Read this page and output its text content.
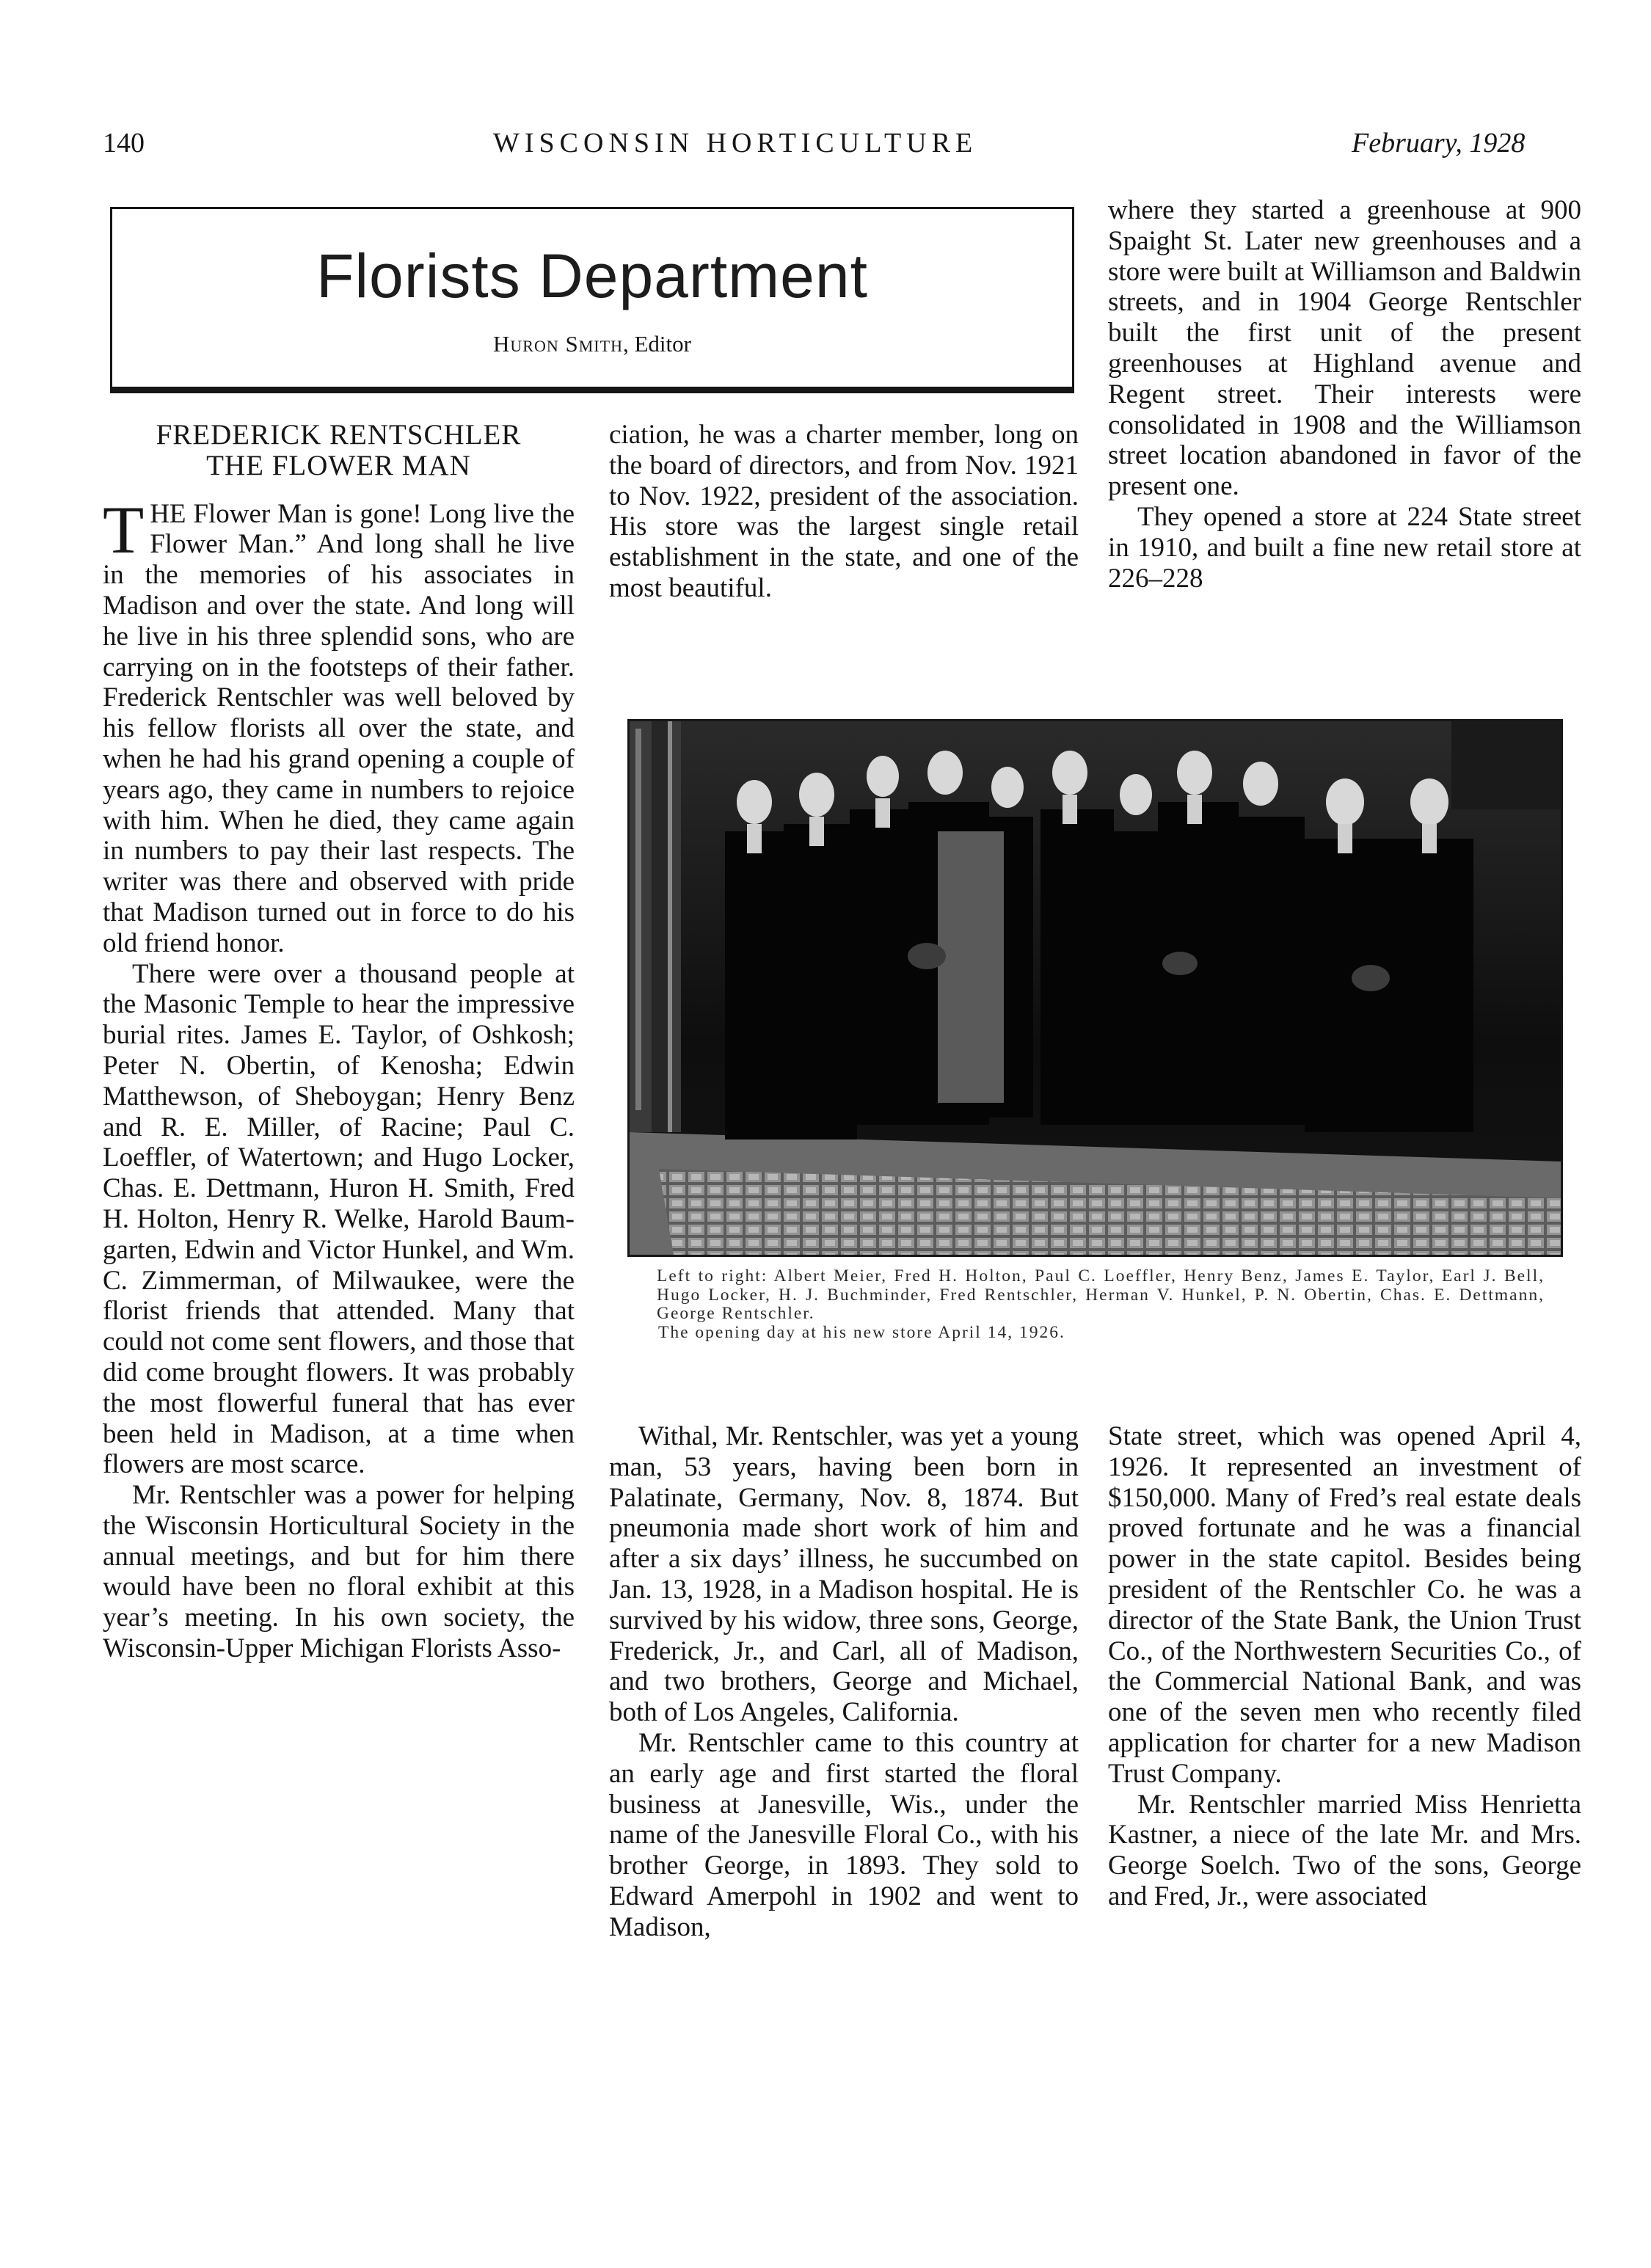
140	WISCONSIN HORTICULTURE	February, 1928
Florists Department
Huron Smith, Editor
FREDERICK RENTSCHLER
THE FLOWER MAN

THE Flower Man is gone! Long live the Flower Man.” And long shall he live in the memories of his associates in Madison and over the state. And long will he live in his three splendid sons, who are carrying on in the footsteps of their father. Frederick Rentschler was well beloved by his fellow florists all over the state, and when he had his grand opening a couple of years ago, they came in numbers to rejoice with him. When he died, they came again in numbers to pay their last respects. The writer was there and observed with pride that Madison turned out in force to do his old friend honor.

There were over a thousand people at the Masonic Temple to hear the impressive burial rites. James E. Taylor, of Oshkosh; Peter N. Obertin, of Kenosha; Edwin Matthewson, of Sheboygan; Henry Benz and R. E. Miller, of Racine; Paul C. Loeffler, of Watertown; and Hugo Locker, Chas. E. Dettmann, Huron H. Smith, Fred H. Holton, Henry R. Welke, Harold Baumgarten, Edwin and Victor Hunkel, and Wm. C. Zimmerman, of Milwaukee, were the florist friends that attended. Many that could not come sent flowers, and those that did come brought flowers. It was probably the most flowerful funeral that has ever been held in Madison, at a time when flowers are most scarce.

Mr. Rentschler was a power for helping the Wisconsin Horticultural Society in the annual meetings, and but for him there would have been no floral exhibit at this year’s meeting. In his own society, the Wisconsin-Upper Michigan Florists Asso-

ciation, he was a charter member, long on the board of directors, and from Nov. 1921 to Nov. 1922, president of the association. His store was the largest single retail establishment in the state, and one of the most beautiful.

where they started a greenhouse at 900 Spaight St. Later new greenhouses and a store were built at Williamson and Baldwin streets, and in 1904 George Rentschler built the first unit of the present greenhouses at Highland avenue and Regent street. Their interests were consolidated in 1908 and the Williamson street location abandoned in favor of the present one.

They opened a store at 224 State street in 1910, and built a fine new retail store at 226–228

Left to right: Albert Meier, Fred H. Holton, Paul C. Loeffler, Henry Benz, James E. Taylor, Earl J. Bell, Hugo Locker, H. J. Buchminder, Fred Rentschler, Herman V. Hunkel, P. N. Obertin, Chas. E. Dettmann, George Rentschler.
The opening day at his new store April 14, 1926.

Withal, Mr. Rentschler, was yet a young man, 53 years, having been born in Palatinate, Germany, Nov. 8, 1874. But pneumonia made short work of him and after a six days’ illness, he succumbed on Jan. 13, 1928, in a Madison hospital. He is survived by his widow, three sons, George, Frederick, Jr., and Carl, all of Madison, and two brothers, George and Michael, both of Los Angeles, California.

Mr. Rentschler came to this country at an early age and first started the floral business at Janesville, Wis., under the name of the Janesville Floral Co., with his brother George, in 1893. They sold to Edward Amerpohl in 1902 and went to Madison,

State street, which was opened April 4, 1926. It represented an investment of $150,000. Many of Fred’s real estate deals proved fortunate and he was a financial power in the state capitol. Besides being president of the Rentschler Co. he was a director of the State Bank, the Union Trust Co., of the Northwestern Securities Co., of the Commercial National Bank, and was one of the seven men who recently filed application for charter for a new Madison Trust Company.

Mr. Rentschler married Miss Henrietta Kastner, a niece of the late Mr. and Mrs. George Soelch. Two of the sons, George and Fred, Jr., were associated
